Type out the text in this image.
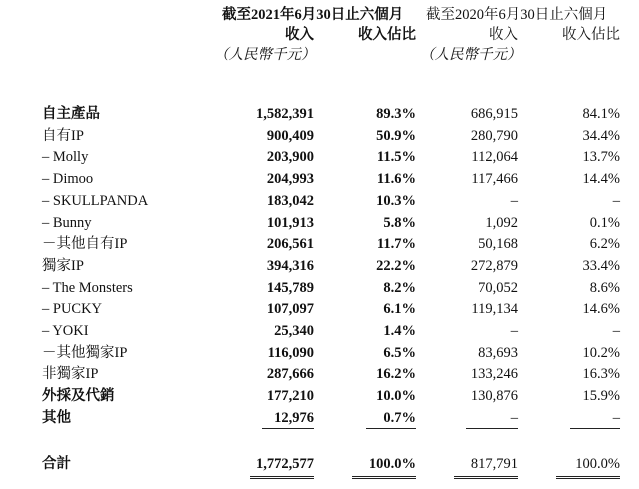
截至2021年6月30日止六個月 截至2020年6月30日止六個月
收入	收入佔比	收入	收入佔比
（人民幣千元）	（人民幣千元）
自主產品	1,582,391	89.3%	686,915	84.1%
自有IP	900,409	50.9%	280,790	34.4%
– Molly	203,900	11.5%	112,064	13.7%
– Dimoo	204,993	11.6%	117,466	14.4%
– SKULLPANDA	183,042	10.3%	–	–
– Bunny	101,913	5.8%	1,092	0.1%
－其他自有IP	206,561	11.7%	50,168	6.2%
獨家IP	394,316	22.2%	272,879	33.4%
– The Monsters	145,789	8.2%	70,052	8.6%
– PUCKY	107,097	6.1%	119,134	14.6%
– YOKI	25,340	1.4%	–	–
－其他獨家IP	116,090	6.5%	83,693	10.2%
非獨家IP	287,666	16.2%	133,246	16.3%
外採及代銷	177,210	10.0%	130,876	15.9%
其他	12,976	0.7%	–	–
合計	1,772,577	100.0%	817,791	100.0%
